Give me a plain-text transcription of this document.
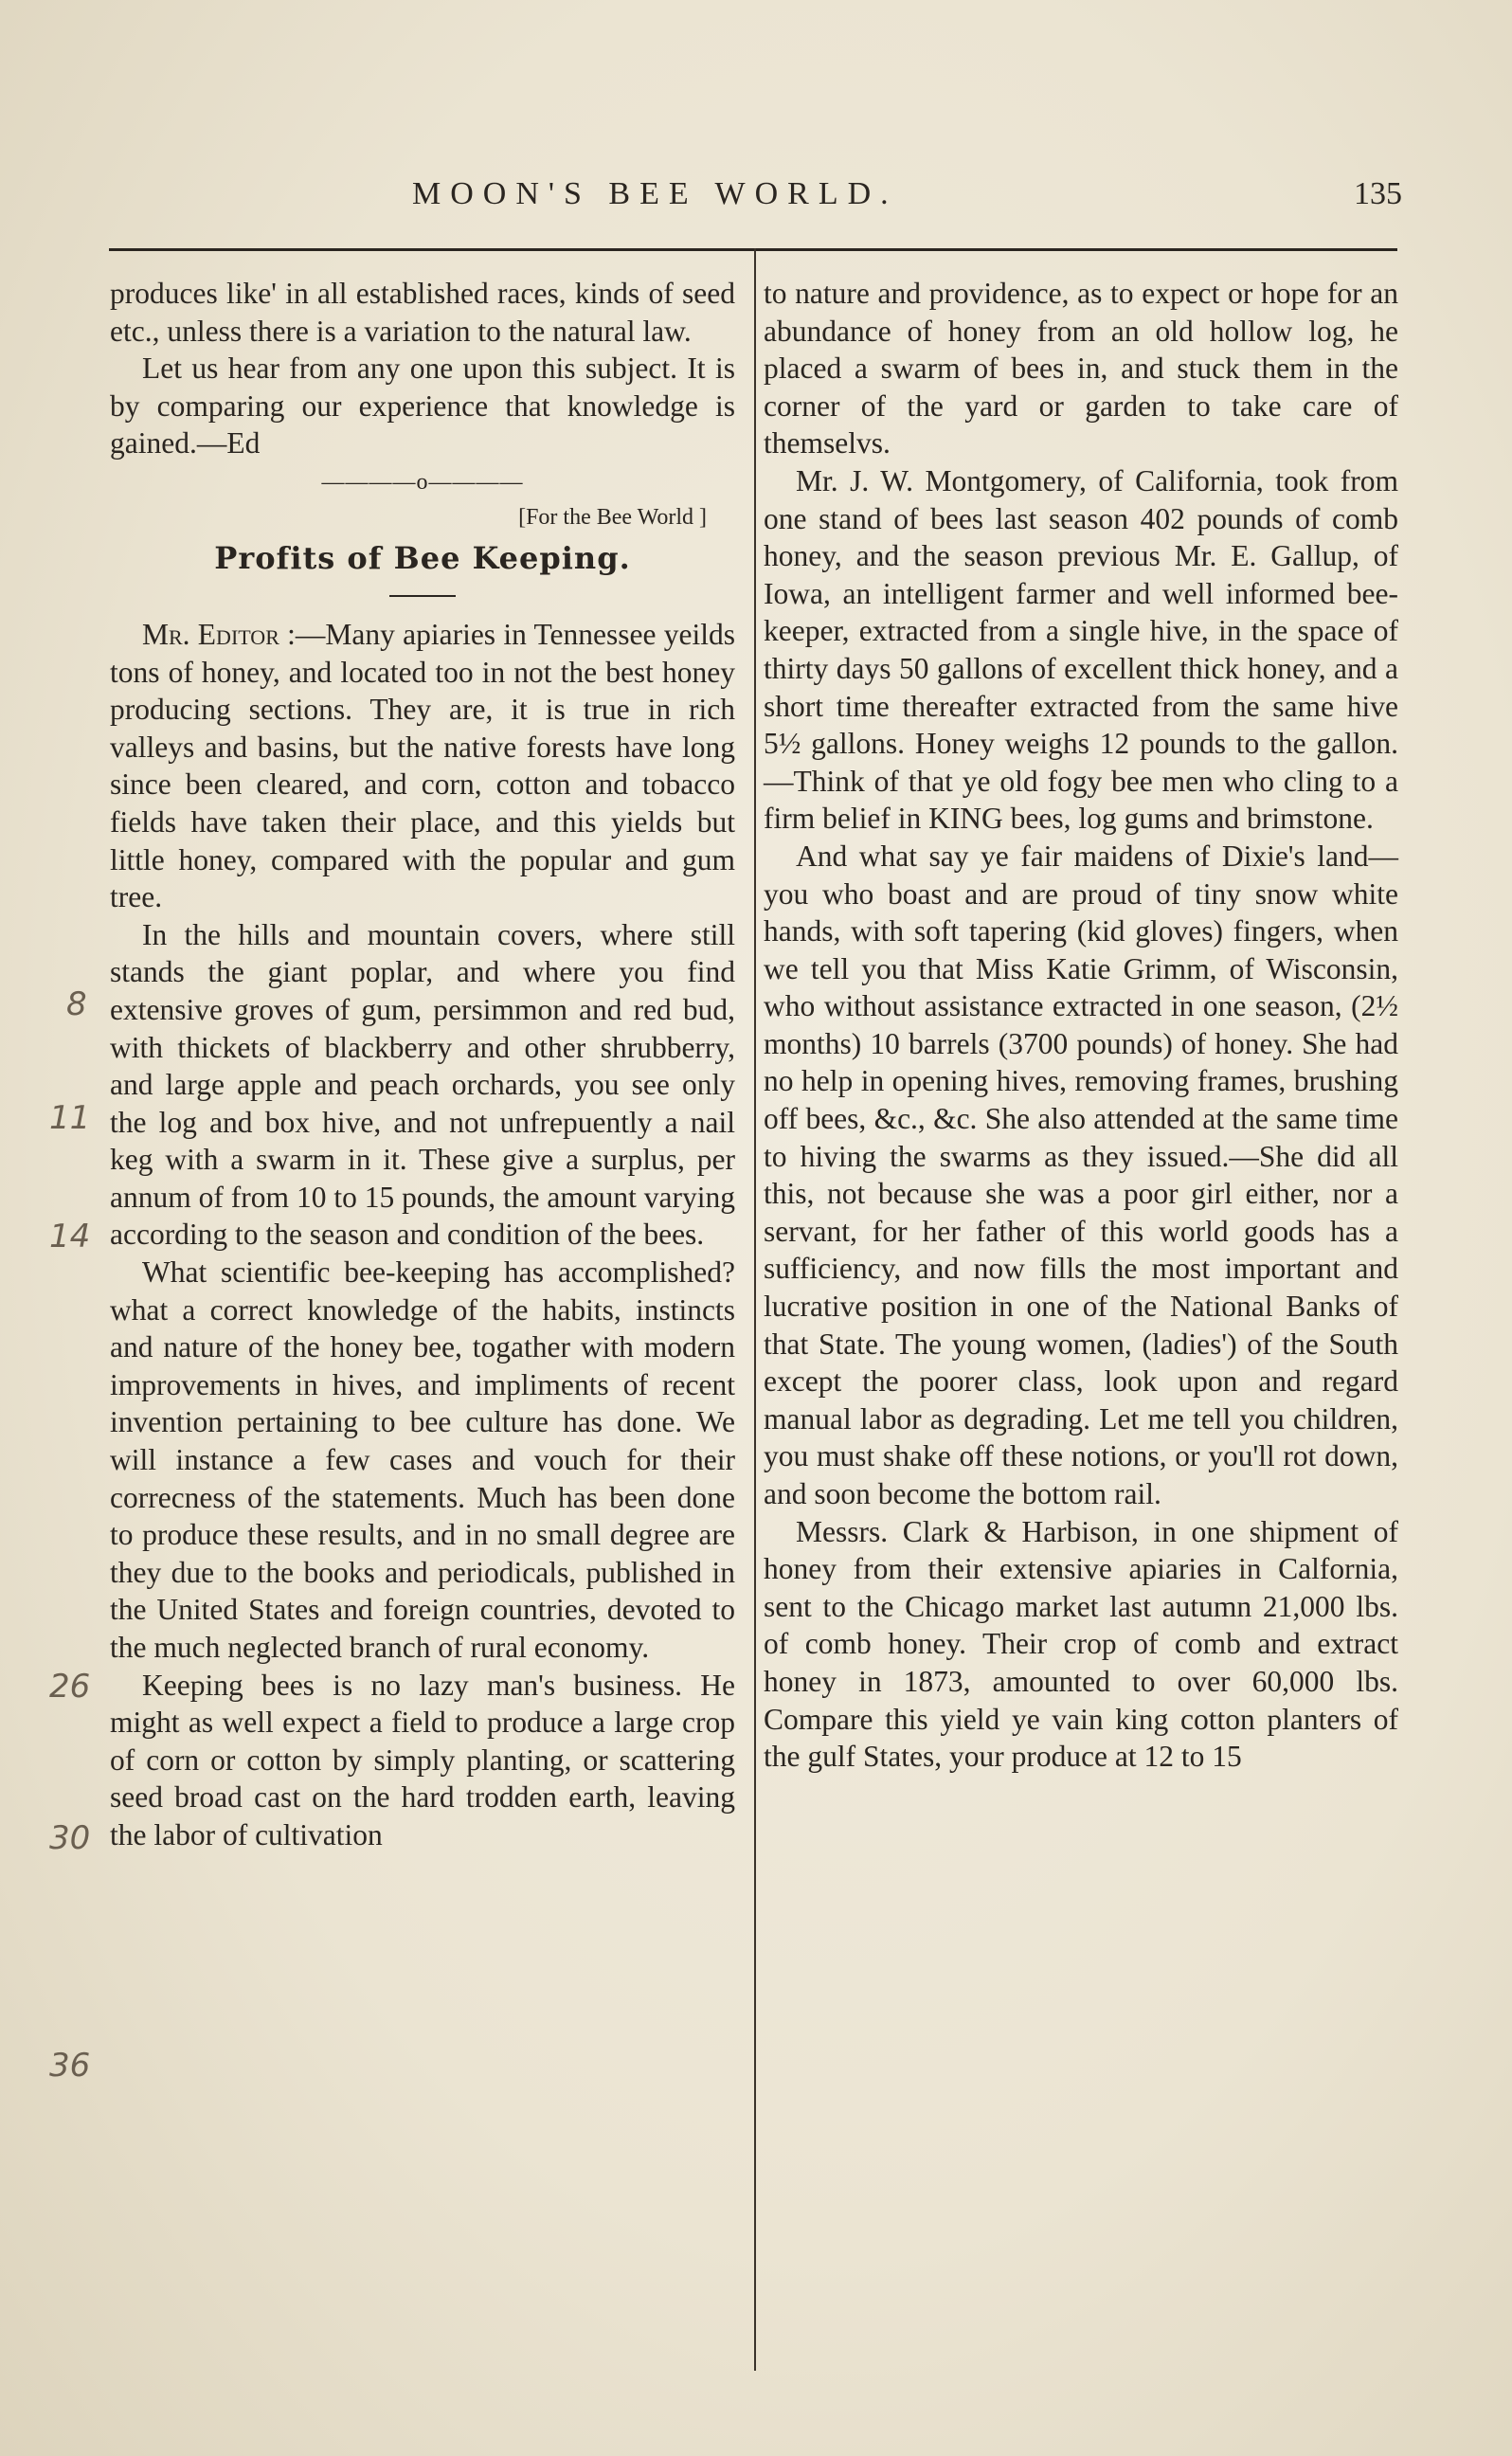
MOON'S BEE WORLD.	135

produces like' in all established races, kinds of seed etc., unless there is a variation to the natural law.

Let us hear from any one upon this subject. It is by comparing our experience that knowledge is gained.—Ed

————o————
[For the Bee World ]
Profits of Bee Keeping.

Mr. Editor :—Many apiaries in Tennessee yeilds tons of honey, and located too in not the best honey producing sections. They are, it is true in rich valleys and basins, but the native forests have long since been cleared, and corn, cotton and tobacco fields have taken their place, and this yields but little honey, compared with the popular and gum tree.

In the hills and mountain covers, where still stands the giant poplar, and where you find extensive groves of gum, persimmon and red bud, with thickets of blackberry and other shrubberry, and large apple and peach orchards, you see only the log and box hive, and not unfrepuently a nail keg with a swarm in it. These give a surplus, per annum of from 10 to 15 pounds, the amount varying according to the season and condition of the bees.

What scientific bee-keeping has accomplished? what a correct knowledge of the habits, instincts and nature of the honey bee, togather with modern improvements in hives, and impliments of recent invention pertaining to bee culture has done. We will instance a few cases and vouch for their correcness of the statements. Much has been done to produce these results, and in no small degree are they due to the books and periodicals, published in the United States and foreign countries, devoted to the much neglected branch of rural economy.

Keeping bees is no lazy man's business. He might as well expect a field to produce a large crop of corn or cotton by simply planting, or scattering seed broad cast on the hard trodden earth, leaving the labor of cultivation

to nature and providence, as to expect or hope for an abundance of honey from an old hollow log, he placed a swarm of bees in, and stuck them in the corner of the yard or garden to take care of themselvs.

Mr. J. W. Montgomery, of California, took from one stand of bees last season 402 pounds of comb honey, and the season previous Mr. E. Gallup, of Iowa, an intelligent farmer and well informed bee-keeper, extracted from a single hive, in the space of thirty days 50 gallons of excellent thick honey, and a short time thereafter extracted from the same hive 5½ gallons. Honey weighs 12 pounds to the gallon.—Think of that ye old fogy bee men who cling to a firm belief in KING bees, log gums and brimstone.

And what say ye fair maidens of Dixie's land—you who boast and are proud of tiny snow white hands, with soft tapering (kid gloves) fingers, when we tell you that Miss Katie Grimm, of Wisconsin, who without assistance extracted in one season, (2½ months) 10 barrels (3700 pounds) of honey. She had no help in opening hives, removing frames, brushing off bees, &c., &c. She also attended at the same time to hiving the swarms as they issued.—She did all this, not because she was a poor girl either, nor a servant, for her father of this world goods has a sufficiency, and now fills the most important and lucrative position in one of the National Banks of that State. The young women, (ladies') of the South except the poorer class, look upon and regard manual labor as degrading. Let me tell you children, you must shake off these notions, or you'll rot down, and soon become the bottom rail.

Messrs. Clark & Harbison, in one shipment of honey from their extensive apiaries in Calfornia, sent to the Chicago market last autumn 21,000 lbs. of comb honey. Their crop of comb and extract honey in 1873, amounted to over 60,000 lbs. Compare this yield ye vain king cotton planters of the gulf States, your produce at 12 to 15

8
11
14
26
30
36
